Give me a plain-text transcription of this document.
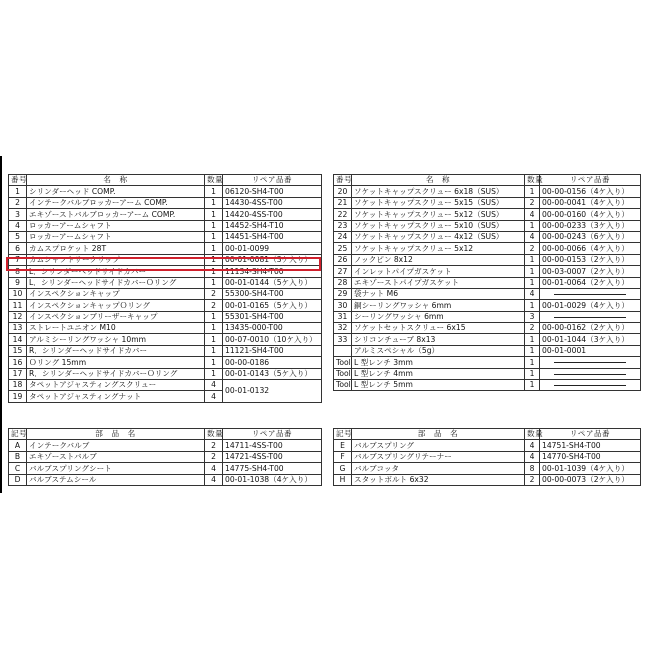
番号	名　称	数量	リペア品番
1	シリンダーヘッド COMP.	1	06120-SH4-T00
2	インテークバルブロッカーアーム COMP.	1	14430-4SS-T00
3	エキゾーストバルブロッカーアーム COMP.	1	14420-4SS-T00
4	ロッカーアームシャフト	1	14452-SH4-T10
5	ロッカーアームシャフト	1	14451-SH4-T00
6	カムスプロケット 28T	1	00-01-0099
7	カムシャフトサークリップ	1	00-01-0081（3ケ入り）
8	L．シリンダーヘッドサイドカバー	1	11134-SH4-T00
9	L．シリンダーヘッドサイドカバーＯリング	1	00-01-0144（5ケ入り）
10	インスペクションキャップ	2	55300-SH4-T00
11	インスペクションキャップＯリング	2	00-01-0165（5ケ入り）
12	インスペクションブリーザーキャップ	1	55301-SH4-T00
13	ストレートユニオン M10	1	13435-000-T00
14	アルミシーリングワッシャ 10mm	1	00-07-0010（10ケ入り）
15	R．シリンダーヘッドサイドカバー	1	11121-SH4-T00
16	Ｏリング 15mm	1	00-00-0186
17	R．シリンダーヘッドサイドカバーＯリング	1	00-01-0143（5ケ入り）
18	タペットアジャスティングスクリュー	4	00-01-0132
19	タペットアジャスティングナット	4	
番号	名　称	数量	リペア品番
20	ソケットキャップスクリュー 6x18（SUS）	1	00-00-0156（4ケ入り）
21	ソケットキャップスクリュー 5x15（SUS）	2	00-00-0041（4ケ入り）
22	ソケットキャップスクリュー 5x12（SUS）	4	00-00-0160（4ケ入り）
23	ソケットキャップスクリュー 5x10（SUS）	1	00-00-0233（3ケ入り）
24	ソケットキャップスクリュー 4x12（SUS）	4	00-00-0243（6ケ入り）
25	ソケットキャップスクリュー 5x12	2	00-00-0066（4ケ入り）
26	ノックピン 8x12	1	00-00-0153（2ケ入り）
27	インレットパイプガスケット	1	00-03-0007（2ケ入り）
28	エキゾーストパイプガスケット	1	00-01-0064（2ケ入り）
29	袋ナット M6	4	
30	銅シーリングワッシャ 6mm	1	00-01-0029（4ケ入り）
31	シーリングワッシャ 6mm	3	
32	ソケットセットスクリュー 6x15	2	00-00-0162（2ケ入り）
33	シリコンチューブ 8x13	1	00-01-1044（3ケ入り）
	アルミスペシャル（5g）	1	00-01-0001
Tool	L 型レンチ 3mm	1	
Tool	L 型レンチ 4mm	1	
Tool	L 型レンチ 5mm	1	
記号	部　品　名	数量	リペア品番
A	インテークバルブ	2	14711-4SS-T00
B	エキゾーストバルブ	2	14721-4SS-T00
C	バルブスプリングシート	4	14775-SH4-T00
D	バルブステムシール	4	00-01-1038（4ケ入り）
記号	部　品　名	数量	リペア品番
E	バルブスプリング	4	14751-SH4-T00
F	バルブスプリングリテーナー	4	14770-SH4-T00
G	バルブコッタ	8	00-01-1039（4ケ入り）
H	スタットボルト 6x32	2	00-00-0073（2ケ入り）
